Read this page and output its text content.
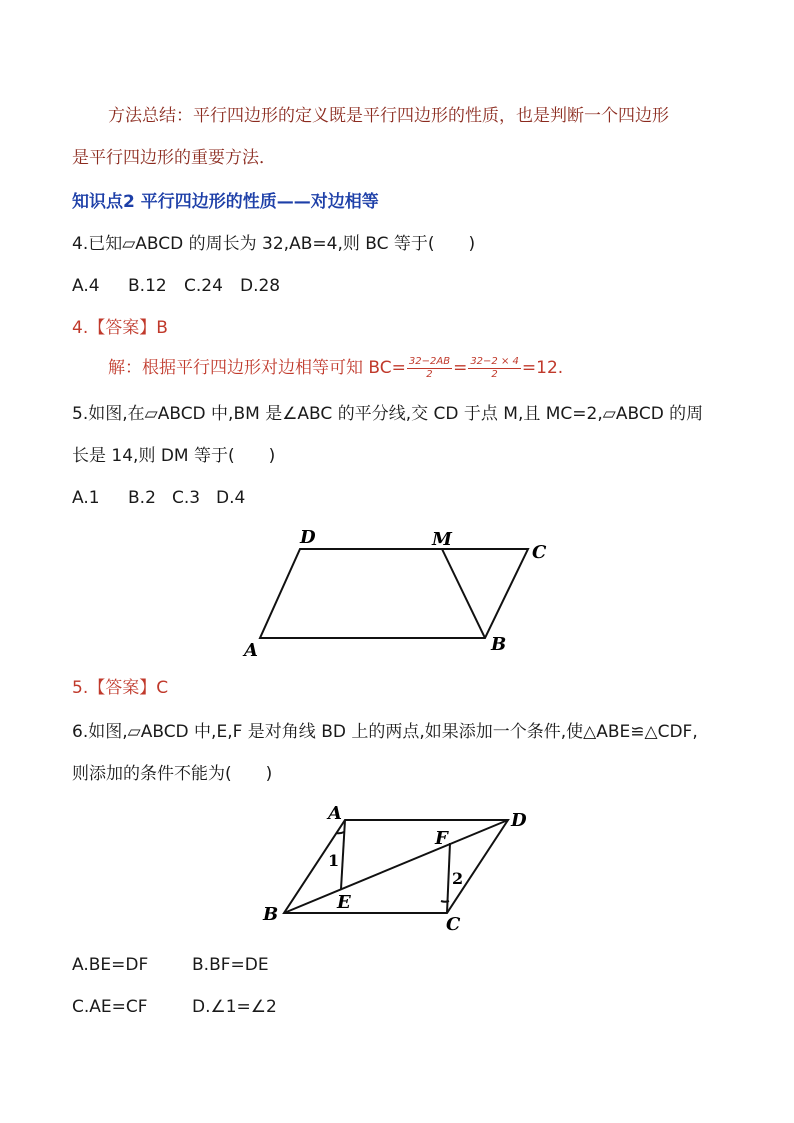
方法总结：平行四边形的定义既是平行四边形的性质，也是判断一个四边形
是平行四边形的重要方法．
知识点2 平行四边形的性质——对边相等
4.已知▱ABCD 的周长为 32,AB=4,则 BC 等于(　　)
A.4 B.12 C.24 D.28
4.【答案】B
解：根据平行四边形对边相等可知 $BC= \frac{32-2AB}{2} = \frac{32-2 \times 4}{2} =12$.
5.如图,在▱ABCD 中,BM 是∠ABC 的平分线,交 CD 于点 M,且 MC=2,▱ABCD 的周
长是 14,则 DM 等于(　　)
A.1 B.2 C.3 D.4
D	M
C
A	B
A	D
F
B
E
C
1
2
5.【答案】C
6.如图,▱ABCD 中,E,F 是对角线 BD 上的两点,如果添加一个条件,使△ABE≌△CDF,
则添加的条件不能为(　　)
A.BE=DF	B.BF=DE
C.AE=CF	D.∠1=∠2
